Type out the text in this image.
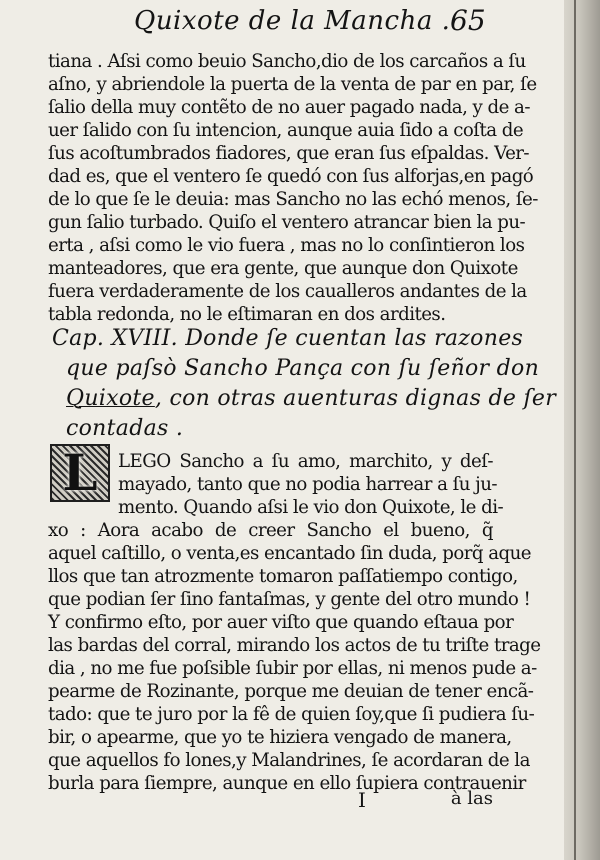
Quixote de la Mancha . 65
tiana . Aſsi como beuio Sancho,dio de los carcaños a ſu
aſno, y abriendole la puerta de la venta de par en par, ſe
ſalio della muy contẽto de no auer pagado nada, y de a-
uer ſalido con ſu intencion, aunque auia ſido a coſta de
ſus acoſtumbrados fiadores, que eran ſus eſpaldas. Ver-
dad es, que el ventero ſe quedó con ſus alforjas,en pagó
de lo que ſe le deuia: mas Sancho no las echó menos, ſe-
gun ſalio turbado. Quiſo el ventero atrancar bien la pu-
erta , aſsi como le vio fuera , mas no lo conſintieron los
manteadores, que era gente, que aunque don Quixote
fuera verdaderamente de los caualleros andantes de la
tabla redonda, no le eſtimaran en dos ardites.
Cap. XVIII. Donde ſe cuentan las razones
que paſsò Sancho Pança con ſu ſeñor don
Quixote, con otras auenturas dignas de ſer
contadas .
L	LEGO Sancho a ſu amo, marchito, y deſ-
mayado, tanto que no podia harrear a ſu ju-
mento. Quando aſsi le vio don Quixote, le di-
xo : Aora acabo de creer Sancho el bueno, q̃
aquel caſtillo, o venta,es encantado ſin duda, porq̃ aque
llos que tan atrozmente tomaron paſſatiempo contigo,
que podian ſer ſino fantaſmas, y gente del otro mundo !
Y confirmo eſto, por auer viſto que quando eſtaua por
las bardas del corral, mirando los actos de tu triſte trage
dia , no me fue poſsible ſubir por ellas, ni menos pude a-
pearme de Rozinante, porque me deuian de tener encã-
tado: que te juro por la fê de quien ſoy,que ſi pudiera ſu-
bir, o apearme, que yo te hiziera vengado de manera,
que aquellos fo lones,y Malandrines, ſe acordaran de la
burla para ſiempre, aunque en ello ſupiera contrauenir
I	à las
